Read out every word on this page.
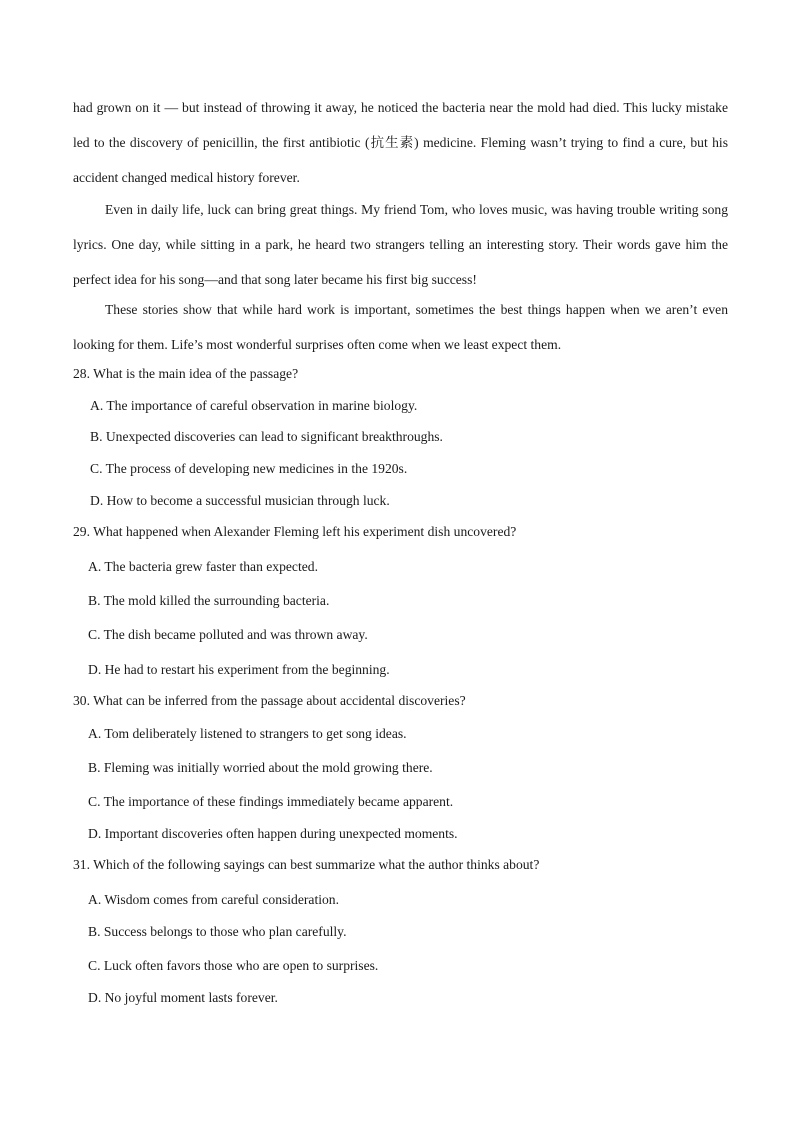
had grown on it — but instead of throwing it away, he noticed the bacteria near the mold had died. This lucky mistake led to the discovery of penicillin, the first antibiotic (抗生素) medicine. Fleming wasn’t trying to find a cure, but his accident changed medical history forever.

Even in daily life, luck can bring great things. My friend Tom, who loves music, was having trouble writing song lyrics. One day, while sitting in a park, he heard two strangers telling an interesting story. Their words gave him the perfect idea for his song—and that song later became his first big success!

These stories show that while hard work is important, sometimes the best things happen when we aren’t even looking for them. Life’s most wonderful surprises often come when we least expect them.

28. What is the main idea of the passage?

A. The importance of careful observation in marine biology.

B. Unexpected discoveries can lead to significant breakthroughs.

C. The process of developing new medicines in the 1920s.

D. How to become a successful musician through luck.

29. What happened when Alexander Fleming left his experiment dish uncovered?

A. The bacteria grew faster than expected.

B. The mold killed the surrounding bacteria.

C. The dish became polluted and was thrown away.

D. He had to restart his experiment from the beginning.

30. What can be inferred from the passage about accidental discoveries?

A. Tom deliberately listened to strangers to get song ideas.

B. Fleming was initially worried about the mold growing there.

C. The importance of these findings immediately became apparent.

D. Important discoveries often happen during unexpected moments.

31. Which of the following sayings can best summarize what the author thinks about?

A. Wisdom comes from careful consideration.

B. Success belongs to those who plan carefully.

C. Luck often favors those who are open to surprises.

D. No joyful moment lasts forever.
